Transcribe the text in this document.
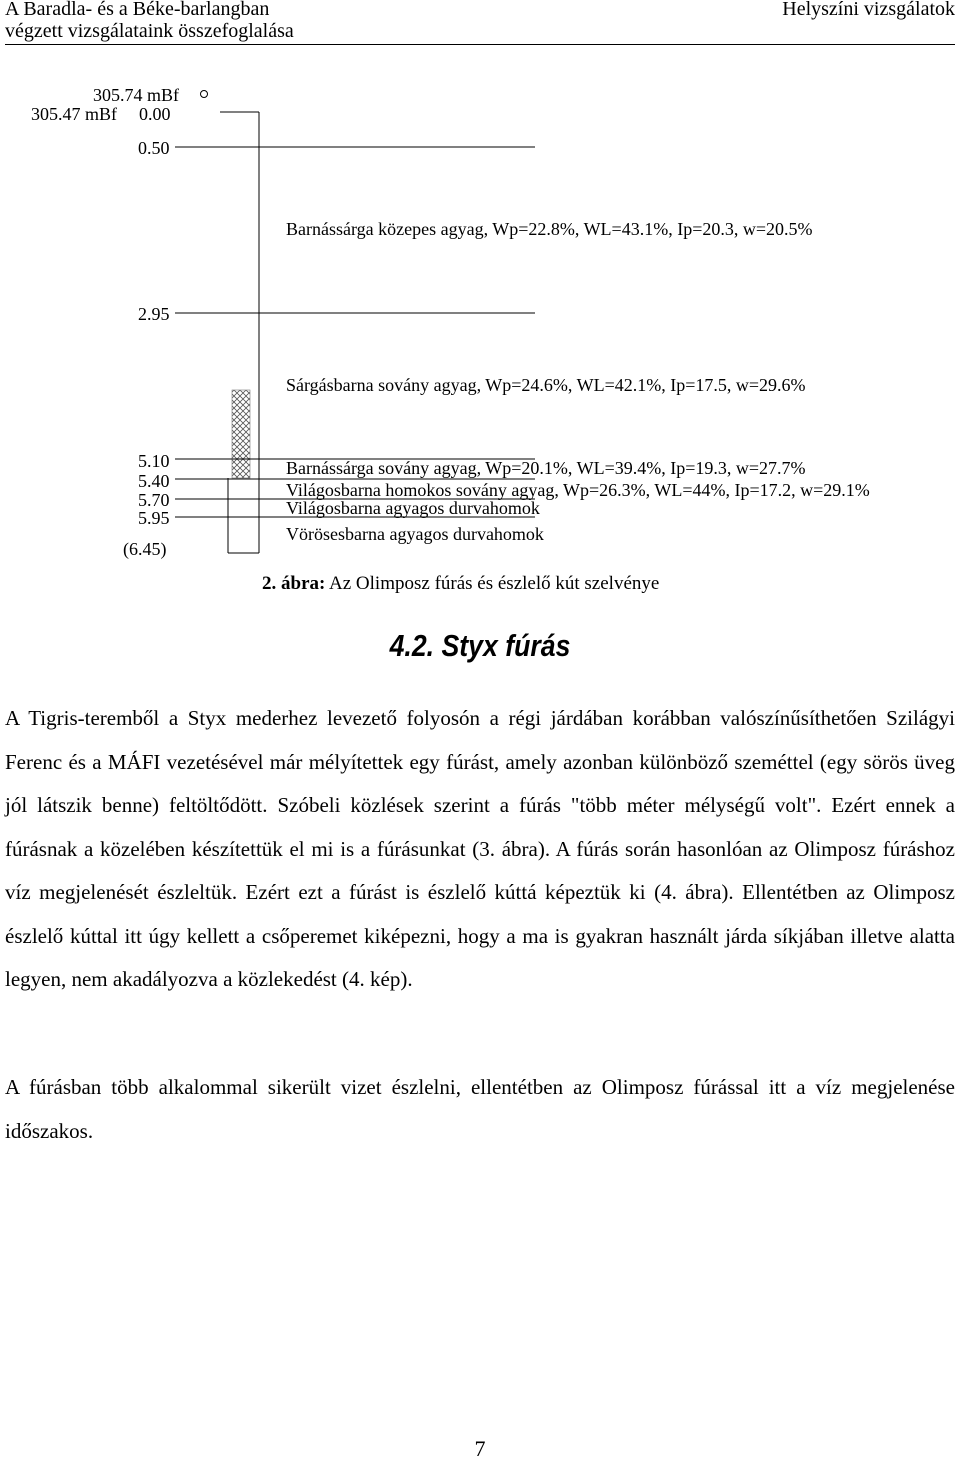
A Baradla- és a Béke-barlangban
végzett vizsgálataink összefoglalása
Helyszíni vizsgálatok
305.74 mBf
305.47 mBf 0.00
0.50
2.95
5.10
5.40
5.70
5.95
(6.45)
Barnássárga közepes agyag, Wp=22.8%, WL=43.1%, Ip=20.3, w=20.5%
Sárgásbarna sovány agyag, Wp=24.6%, WL=42.1%, Ip=17.5, w=29.6%
Barnássárga sovány agyag, Wp=20.1%, WL=39.4%, Ip=19.3, w=27.7%
Világosbarna homokos sovány agyag, Wp=26.3%, WL=44%, Ip=17.2, w=29.1%
Világosbarna agyagos durvahomok
Vörösesbarna agyagos durvahomok
2. ábra: Az Olimposz fúrás és észlelő kút szelvénye
4.2. Styx fúrás
A Tigris-teremből a Styx mederhez levezető folyosón a régi járdában korábban valószínűsíthetően Szilágyi Ferenc és a MÁFI vezetésével már mélyítettek egy fúrást, amely azonban különböző szeméttel (egy sörös üveg jól látszik benne) feltöltődött. Szóbeli közlések szerint a fúrás "több méter mélységű volt". Ezért ennek a fúrásnak a közelében készítettük el mi is a fúrásunkat (3. ábra). A fúrás során hasonlóan az Olimposz fúráshoz víz megjelenését észleltük. Ezért ezt a fúrást is észlelő kúttá képeztük ki (4. ábra). Ellentétben az Olimposz észlelő kúttal itt úgy kellett a csőperemet kiképezni, hogy a ma is gyakran használt járda síkjában illetve alatta legyen, nem akadályozva a közlekedést (4. kép).
A fúrásban több alkalommal sikerült vizet észlelni, ellentétben az Olimposz fúrással itt a víz megjelenése időszakos.
7
